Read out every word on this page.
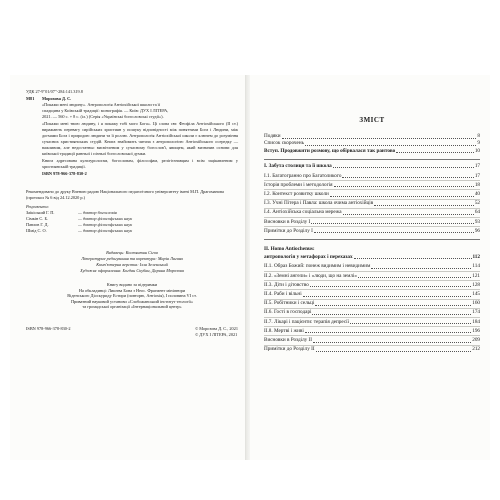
УДК 27-9"01/07"-284:141.319.8
М81	Морозова Д. С.
«Покажи мені людину». Антропологія Антіохійської школи та її
спадщина у Київській традиції: монографія. — Київ: ДУХ І ЛІТЕРА,
2021. — 560 с. + 8 с. (іл.) (Серія «Українські богословські студії»).
«Покажи мені твою людину, і я покажу тобі мого Бога». Ці слова свт. Феофіла Антіохійського (ІІ ст.) виражають перевагу сирійських християн у пошуку відповідності між поняттями Бога і Людини, між догмами Бога і природою людини та її роллю. Антропологія Антіохійської школи є ключем до розуміння сучасних християнських студій. Книга знайомить читача з антропологією Антіохійського осередку — важливим, але недостатньо висвітленим у сучасному богослов'ї, явищем, який визначив основи для київської традиції ранньої і пізньої богословської думки.
Книга адресована культурологам, богословам, філософам, релігієзнавцям і всім зацікавленим у християнській традиції.
ISBN 978-966-378-830-2
Рекомендовано до друку Вченою радою Національного педагогічного університету імені М.П. Драгоманова (протокол № 6 від 24.12.2020 р.)
Рецензенти:
Заїкіський Г. П.	— доктор богословія
Сімкін С. Б.	— доктор філософських наук
Павлов Г. Д.	— доктор філософських наук
Шмід С. О.	— доктор філософських наук
Видавець: Костянтин Сігов
Літературне редагування та коректура: Марія Лагава
Комп'ютерна верстка: Ілля Зелевський
Художнє оформлення: Богдан Скубан, Дарина Морозова
Книгу видано за підтримки
На обкладинці: Лиштва Бона з Неос. Фрагмент мініатюри
Віденського Діоскуриду Естири (повторю, Антіохія), І половина VI ст.
Приватний науковий установи «Слобожанський інститут теології»
та громадської організації «Інтернаціональний центр»
ISBN 978-966-378-830-2	© Морозова Д. С., 2021
© ДУХ І ЛІТЕРА, 2021
ЗМІСТ
Подяки	8
Список скорочень	9
Вступ. Продовжити розмову, що обірвалася так рантово	10
І. Забута столиця та її школа	17
І.1. Багатогранно про Багатоликого	17
Історія проблеми і методологія	18
І.2. Контекст розвитку школи	40
І.3. Учні Пітера і Павла: школа очима антіохійців	52
І.4. Антіохійська соціальна мережа	64
Висновки в Розділу І	93
Примітки до Розділу І	96
II. Homo Antiochenus:
антропологія у метафорах і перехазах	112
ІІ.1. Образ Божий: понеж видимим і невидимим	114
ІІ.2. «Земні ангели» і «люди, що на землі»	121
ІІ.3. Діти і дітовство	128
ІІ.4. Раби і вільні	145
ІІ.5. Робітники і сельці	160
ІІ.6. Гості в господарі	174
ІІ.7. Лікарі і пацієнти: терапія депресії	184
ІІ.8. Мертві і живі	196
Висновки в Розділу ІІ	209
Примітки до Розділу ІІ	212
